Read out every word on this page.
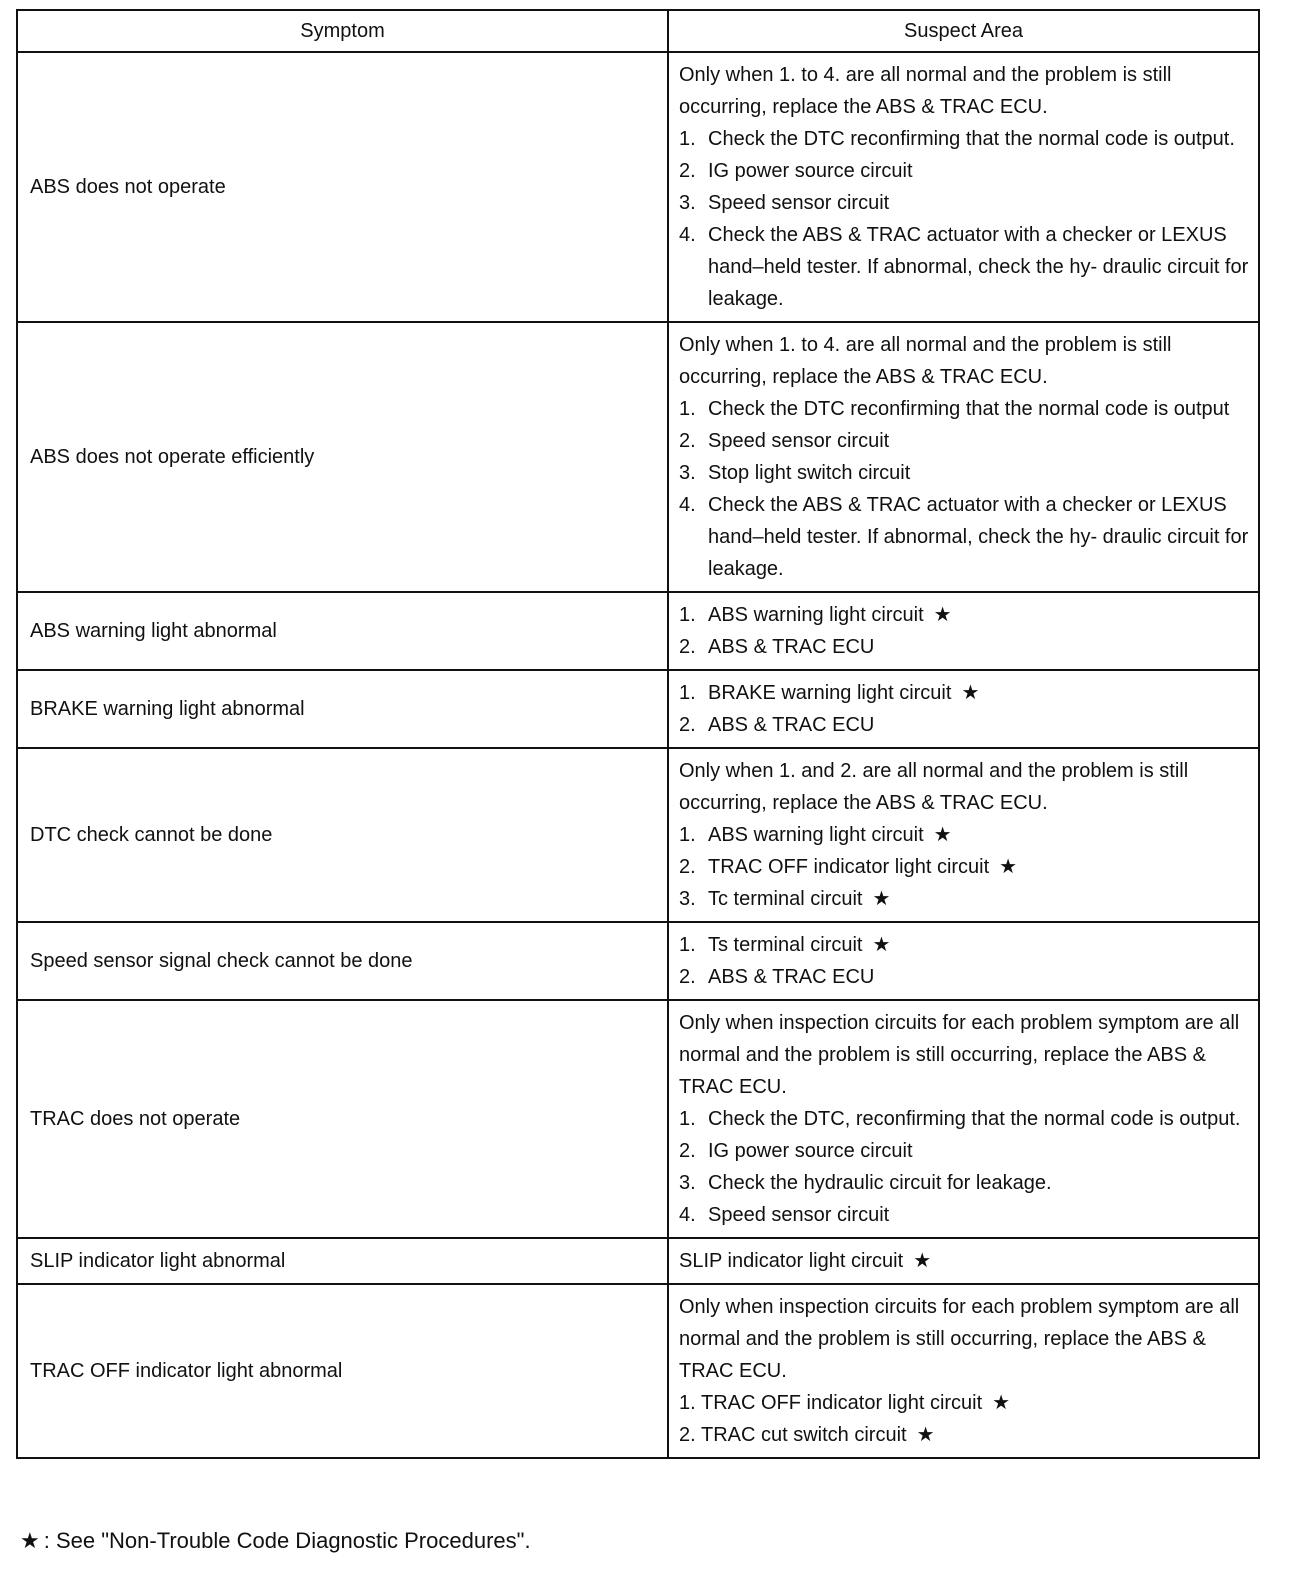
Symptom	Suspect Area
ABS does not operate	Only when 1. to 4. are all normal and the problem is still occurring, replace the ABS & TRAC ECU.
1. Check the DTC reconfirming that the normal code is output.
2. IG power source circuit
3. Speed sensor circuit
4. Check the ABS & TRAC actuator with a checker or LEXUS hand–held tester. If abnormal, check the hy- draulic circuit for leakage.

ABS does not operate efficiently	Only when 1. to 4. are all normal and the problem is still occurring, replace the ABS & TRAC ECU.
1. Check the DTC reconfirming that the normal code is output
2. Speed sensor circuit
3. Stop light switch circuit
4. Check the ABS & TRAC actuator with a checker or LEXUS hand–held tester. If abnormal, check the hy- draulic circuit for leakage.

ABS warning light abnormal	1. ABS warning light circuit ★
2. ABS & TRAC ECU

BRAKE warning light abnormal	1. BRAKE warning light circuit ★
2. ABS & TRAC ECU

DTC check cannot be done	Only when 1. and 2. are all normal and the problem is still occurring, replace the ABS & TRAC ECU.
1. ABS warning light circuit ★
2. TRAC OFF indicator light circuit ★
3. Tc terminal circuit ★

Speed sensor signal check cannot be done	1. Ts terminal circuit ★
2. ABS & TRAC ECU

TRAC does not operate	Only when inspection circuits for each problem symptom are all normal and the problem is still occurring, replace the ABS & TRAC ECU.
1. Check the DTC, reconfirming that the normal code is output.
2. IG power source circuit
3. Check the hydraulic circuit for leakage.
4. Speed sensor circuit

SLIP indicator light abnormal	SLIP indicator light circuit ★

TRAC OFF indicator light abnormal	Only when inspection circuits for each problem symptom are all normal and the problem is still occurring, replace the ABS & TRAC ECU.
1. TRAC OFF indicator light circuit ★
2. TRAC cut switch circuit ★
★ : See "Non-Trouble Code Diagnostic Procedures".
